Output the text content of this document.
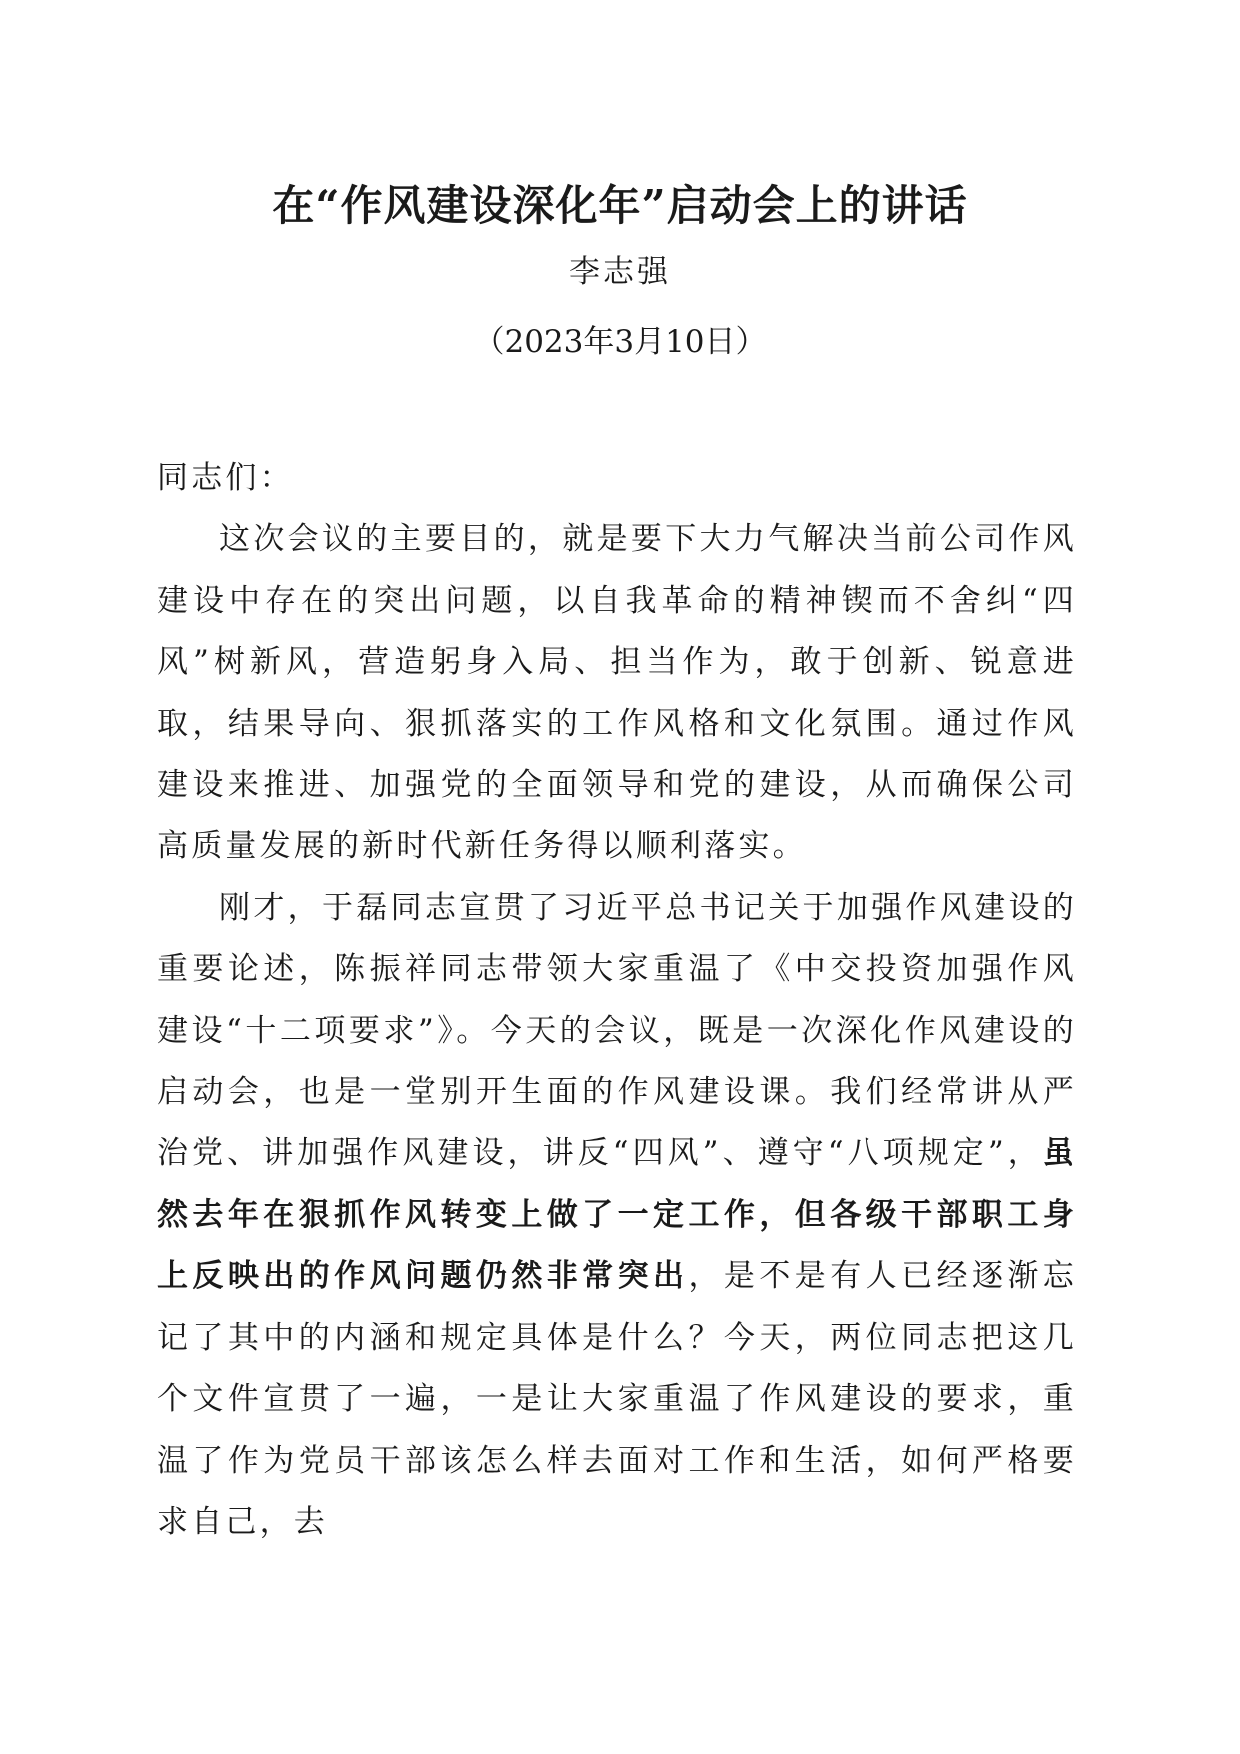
在“作风建设深化年”启动会上的讲话
李志强
（2023年3月10日）

同志们：

这次会议的主要目的，就是要下大力气解决当前公司作风建设中存在的突出问题，以自我革命的精神锲而不舍纠“四风”树新风，营造躬身入局、担当作为，敢于创新、锐意进取，结果导向、狠抓落实的工作风格和文化氛围。通过作风建设来推进、加强党的全面领导和党的建设，从而确保公司高质量发展的新时代新任务得以顺利落实。

刚才，于磊同志宣贯了习近平总书记关于加强作风建设的重要论述，陈振祥同志带领大家重温了《中交投资加强作风建设“十二项要求”》。今天的会议，既是一次深化作风建设的启动会，也是一堂别开生面的作风建设课。我们经常讲从严治党、讲加强作风建设，讲反“四风”、遵守“八项规定”，虽然去年在狠抓作风转变上做了一定工作，但各级干部职工身上反映出的作风问题仍然非常突出，是不是有人已经逐渐忘记了其中的内涵和规定具体是什么？今天，两位同志把这几个文件宣贯了一遍，一是让大家重温了作风建设的要求，重温了作为党员干部该怎么样去面对工作和生活，如何严格要求自己，去
